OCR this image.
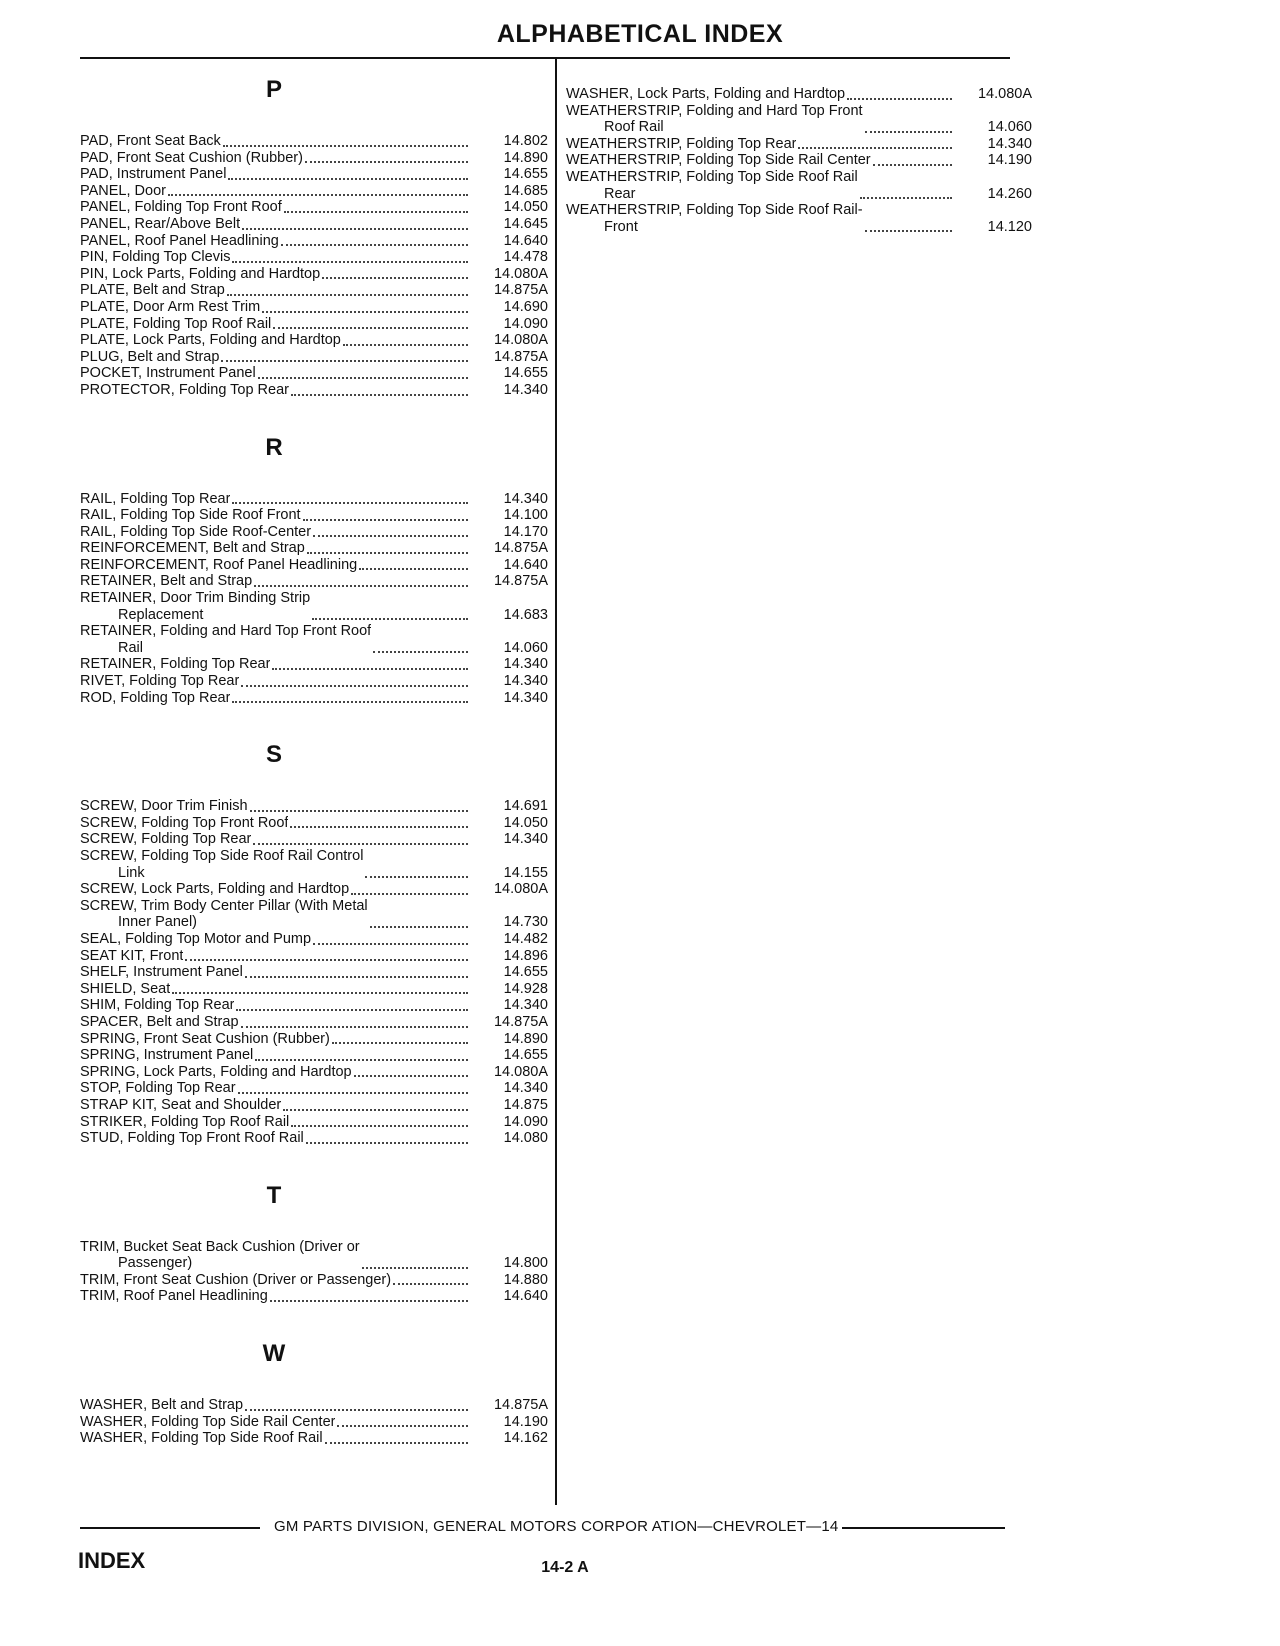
ALPHABETICAL INDEX
P
PAD, Front Seat Back	14.802
PAD, Front Seat Cushion (Rubber)	14.890
PAD, Instrument Panel	14.655
PANEL, Door	14.685
PANEL, Folding Top Front Roof	14.050
PANEL, Rear/Above Belt	14.645
PANEL, Roof Panel Headlining	14.640
PIN, Folding Top Clevis	14.478
PIN, Lock Parts, Folding and Hardtop	14.080A
PLATE, Belt and Strap	14.875A
PLATE, Door Arm Rest Trim	14.690
PLATE, Folding Top Roof Rail	14.090
PLATE, Lock Parts, Folding and Hardtop	14.080A
PLUG, Belt and Strap	14.875A
POCKET, Instrument Panel	14.655
PROTECTOR, Folding Top Rear	14.340
R
RAIL, Folding Top Rear	14.340
RAIL, Folding Top Side Roof Front	14.100
RAIL, Folding Top Side Roof-Center	14.170
REINFORCEMENT, Belt and Strap	14.875A
REINFORCEMENT, Roof Panel Headlining	14.640
RETAINER, Belt and Strap	14.875A
RETAINER, Door Trim Binding Strip
Replacement	14.683
RETAINER, Folding and Hard Top Front Roof
Rail	14.060
RETAINER, Folding Top Rear	14.340
RIVET, Folding Top Rear	14.340
ROD, Folding Top Rear	14.340
S
SCREW, Door Trim Finish	14.691
SCREW, Folding Top Front Roof	14.050
SCREW, Folding Top Rear	14.340
SCREW, Folding Top Side Roof Rail Control
Link	14.155
SCREW, Lock Parts, Folding and Hardtop	14.080A
SCREW, Trim Body Center Pillar (With Metal
Inner Panel)	14.730
SEAL, Folding Top Motor and Pump	14.482
SEAT KIT, Front	14.896
SHELF, Instrument Panel	14.655
SHIELD, Seat	14.928
SHIM, Folding Top Rear	14.340
SPACER, Belt and Strap	14.875A
SPRING, Front Seat Cushion (Rubber)	14.890
SPRING, Instrument Panel	14.655
SPRING, Lock Parts, Folding and Hardtop	14.080A
STOP, Folding Top Rear	14.340
STRAP KIT, Seat and Shoulder	14.875
STRIKER, Folding Top Roof Rail	14.090
STUD, Folding Top Front Roof Rail	14.080
T
TRIM, Bucket Seat Back Cushion (Driver or
Passenger)	14.800
TRIM, Front Seat Cushion (Driver or Passenger)	14.880
TRIM, Roof Panel Headlining	14.640
W
WASHER, Belt and Strap	14.875A
WASHER, Folding Top Side Rail Center	14.190
WASHER, Folding Top Side Roof Rail	14.162
WASHER, Lock Parts, Folding and Hardtop	14.080A
WEATHERSTRIP, Folding and Hard Top Front
Roof Rail	14.060
WEATHERSTRIP, Folding Top Rear	14.340
WEATHERSTRIP, Folding Top Side Rail Center	14.190
WEATHERSTRIP, Folding Top Side Roof Rail
Rear	14.260
WEATHERSTRIP, Folding Top Side Roof Rail-
Front	14.120
GM PARTS DIVISION, GENERAL MOTORS CORPOR ATION—CHEVROLET—14
INDEX	14-2 A
